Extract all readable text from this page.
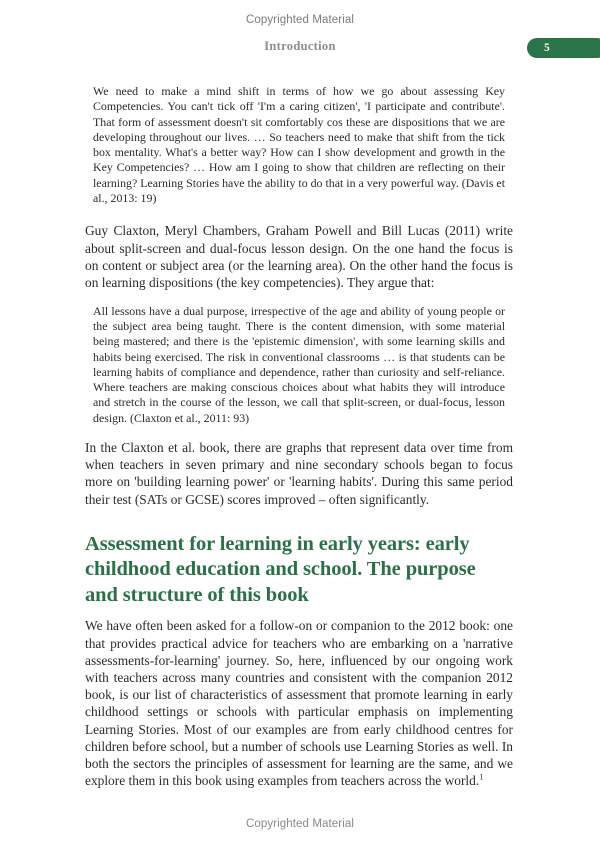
Copyrighted Material
Introduction	5

We need to make a mind shift in terms of how we go about assessing Key Competencies. You can't tick off 'I'm a caring citizen', 'I participate and contribute'. That form of assessment doesn't sit comfortably cos these are dispositions that we are developing throughout our lives. … So teachers need to make that shift from the tick box mentality. What's a better way? How can I show development and growth in the Key Competencies? … How am I going to show that children are reflecting on their learning? Learning Stories have the ability to do that in a very powerful way. (Davis et al., 2013: 19)

Guy Claxton, Meryl Chambers, Graham Powell and Bill Lucas (2011) write about split-screen and dual-focus lesson design. On the one hand the focus is on content or subject area (or the learning area). On the other hand the focus is on learning dispositions (the key competencies). They argue that:

All lessons have a dual purpose, irrespective of the age and ability of young people or the subject area being taught. There is the content dimension, with some material being mastered; and there is the 'epistemic dimension', with some learning skills and habits being exercised. The risk in conventional classrooms … is that students can be learning habits of compliance and dependence, rather than curiosity and self-reliance. Where teachers are making conscious choices about what habits they will introduce and stretch in the course of the lesson, we call that split-screen, or dual-focus, lesson design. (Claxton et al., 2011: 93)

In the Claxton et al. book, there are graphs that represent data over time from when teachers in seven primary and nine secondary schools began to focus more on 'building learning power' or 'learning habits'. During this same period their test (SATs or GCSE) scores improved – often significantly.

Assessment for learning in early years: early childhood education and school. The purpose and structure of this book

We have often been asked for a follow-on or companion to the 2012 book: one that provides practical advice for teachers who are embarking on a 'narrative assessments-for-learning' journey. So, here, influenced by our ongoing work with teachers across many countries and consistent with the companion 2012 book, is our list of characteristics of assessment that promote learning in early childhood settings or schools with particular emphasis on implementing Learning Stories. Most of our examples are from early childhood centres for children before school, but a number of schools use Learning Stories as well. In both the sectors the principles of assessment for learning are the same, and we explore them in this book using examples from teachers across the world.$^1$

Copyrighted Material
